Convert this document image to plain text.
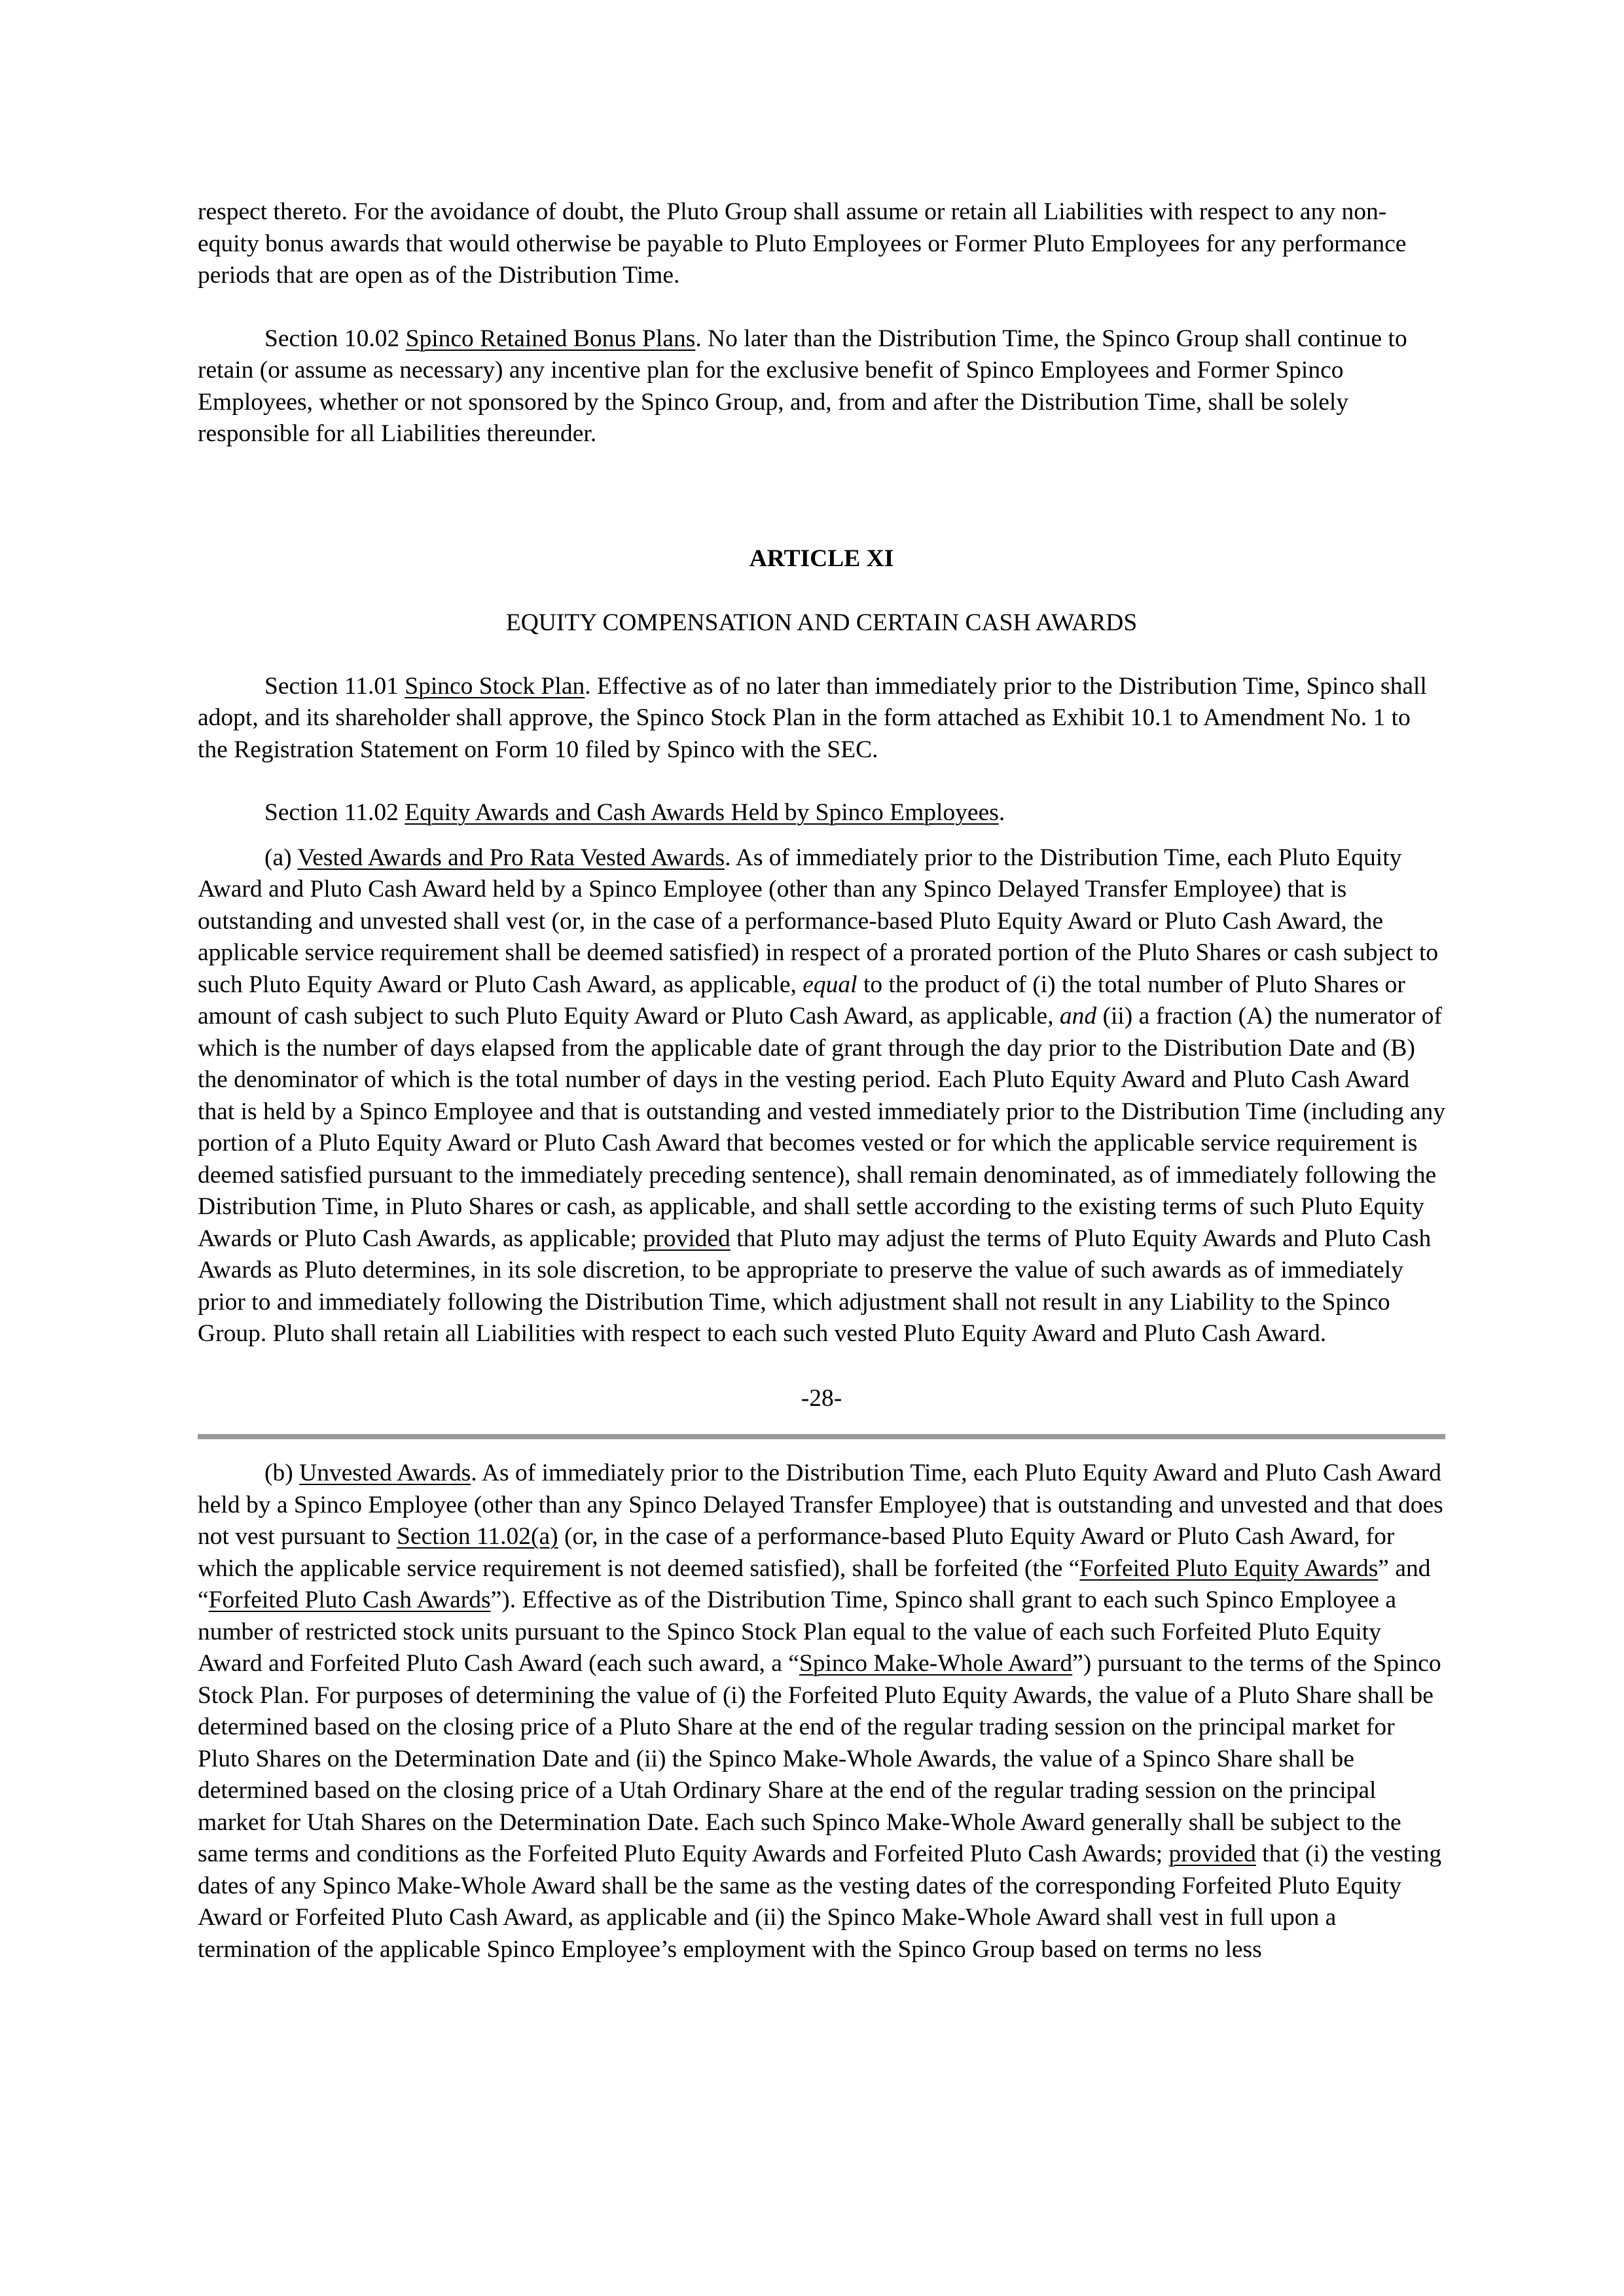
respect thereto. For the avoidance of doubt, the Pluto Group shall assume or retain all Liabilities with respect to any non-equity bonus awards that would otherwise be payable to Pluto Employees or Former Pluto Employees for any performance periods that are open as of the Distribution Time.

Section 10.02 Spinco Retained Bonus Plans. No later than the Distribution Time, the Spinco Group shall continue to retain (or assume as necessary) any incentive plan for the exclusive benefit of Spinco Employees and Former Spinco Employees, whether or not sponsored by the Spinco Group, and, from and after the Distribution Time, shall be solely responsible for all Liabilities thereunder.

ARTICLE XI

EQUITY COMPENSATION AND CERTAIN CASH AWARDS

Section 11.01 Spinco Stock Plan. Effective as of no later than immediately prior to the Distribution Time, Spinco shall adopt, and its shareholder shall approve, the Spinco Stock Plan in the form attached as Exhibit 10.1 to Amendment No. 1 to the Registration Statement on Form 10 filed by Spinco with the SEC.

Section 11.02 Equity Awards and Cash Awards Held by Spinco Employees.

(a) Vested Awards and Pro Rata Vested Awards. As of immediately prior to the Distribution Time, each Pluto Equity Award and Pluto Cash Award held by a Spinco Employee (other than any Spinco Delayed Transfer Employee) that is outstanding and unvested shall vest (or, in the case of a performance-based Pluto Equity Award or Pluto Cash Award, the applicable service requirement shall be deemed satisfied) in respect of a prorated portion of the Pluto Shares or cash subject to such Pluto Equity Award or Pluto Cash Award, as applicable, equal to the product of (i) the total number of Pluto Shares or amount of cash subject to such Pluto Equity Award or Pluto Cash Award, as applicable, and (ii) a fraction (A) the numerator of which is the number of days elapsed from the applicable date of grant through the day prior to the Distribution Date and (B) the denominator of which is the total number of days in the vesting period. Each Pluto Equity Award and Pluto Cash Award that is held by a Spinco Employee and that is outstanding and vested immediately prior to the Distribution Time (including any portion of a Pluto Equity Award or Pluto Cash Award that becomes vested or for which the applicable service requirement is deemed satisfied pursuant to the immediately preceding sentence), shall remain denominated, as of immediately following the Distribution Time, in Pluto Shares or cash, as applicable, and shall settle according to the existing terms of such Pluto Equity Awards or Pluto Cash Awards, as applicable; provided that Pluto may adjust the terms of Pluto Equity Awards and Pluto Cash Awards as Pluto determines, in its sole discretion, to be appropriate to preserve the value of such awards as of immediately prior to and immediately following the Distribution Time, which adjustment shall not result in any Liability to the Spinco Group. Pluto shall retain all Liabilities with respect to each such vested Pluto Equity Award and Pluto Cash Award.

-28-

(b) Unvested Awards. As of immediately prior to the Distribution Time, each Pluto Equity Award and Pluto Cash Award held by a Spinco Employee (other than any Spinco Delayed Transfer Employee) that is outstanding and unvested and that does not vest pursuant to Section 11.02(a) (or, in the case of a performance-based Pluto Equity Award or Pluto Cash Award, for which the applicable service requirement is not deemed satisfied), shall be forfeited (the “Forfeited Pluto Equity Awards” and “Forfeited Pluto Cash Awards”). Effective as of the Distribution Time, Spinco shall grant to each such Spinco Employee a number of restricted stock units pursuant to the Spinco Stock Plan equal to the value of each such Forfeited Pluto Equity Award and Forfeited Pluto Cash Award (each such award, a “Spinco Make-Whole Award”) pursuant to the terms of the Spinco Stock Plan. For purposes of determining the value of (i) the Forfeited Pluto Equity Awards, the value of a Pluto Share shall be determined based on the closing price of a Pluto Share at the end of the regular trading session on the principal market for Pluto Shares on the Determination Date and (ii) the Spinco Make-Whole Awards, the value of a Spinco Share shall be determined based on the closing price of a Utah Ordinary Share at the end of the regular trading session on the principal market for Utah Shares on the Determination Date. Each such Spinco Make-Whole Award generally shall be subject to the same terms and conditions as the Forfeited Pluto Equity Awards and Forfeited Pluto Cash Awards; provided that (i) the vesting dates of any Spinco Make-Whole Award shall be the same as the vesting dates of the corresponding Forfeited Pluto Equity Award or Forfeited Pluto Cash Award, as applicable and (ii) the Spinco Make-Whole Award shall vest in full upon a termination of the applicable Spinco Employee’s employment with the Spinco Group based on terms no less
